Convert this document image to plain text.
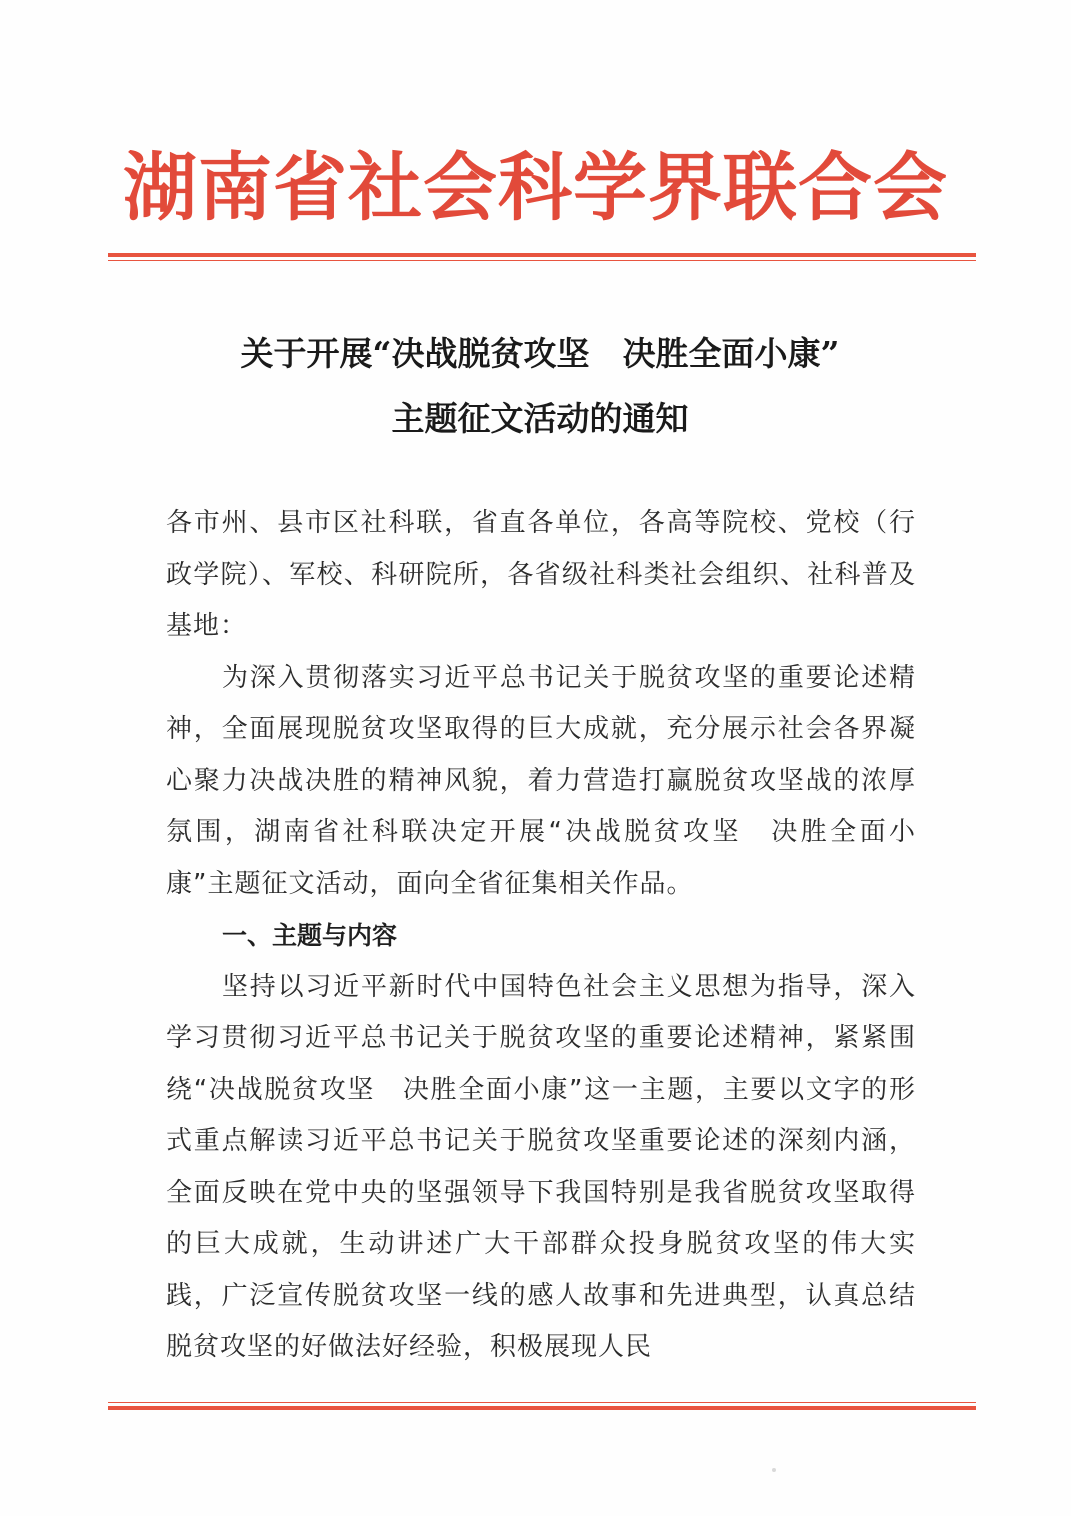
湖南省社会科学界联合会
关于开展“决战脱贫攻坚　决胜全面小康”
主题征文活动的通知

各市州、县市区社科联，省直各单位，各高等院校、党校（行政学院）、军校、科研院所，各省级社科类社会组织、社科普及基地：

为深入贯彻落实习近平总书记关于脱贫攻坚的重要论述精神，全面展现脱贫攻坚取得的巨大成就，充分展示社会各界凝心聚力决战决胜的精神风貌，着力营造打赢脱贫攻坚战的浓厚氛围，湖南省社科联决定开展“决战脱贫攻坚　决胜全面小康”主题征文活动，面向全省征集相关作品。

一、主题与内容

坚持以习近平新时代中国特色社会主义思想为指导，深入学习贯彻习近平总书记关于脱贫攻坚的重要论述精神，紧紧围绕“决战脱贫攻坚　决胜全面小康”这一主题，主要以文字的形式重点解读习近平总书记关于脱贫攻坚重要论述的深刻内涵，全面反映在党中央的坚强领导下我国特别是我省脱贫攻坚取得的巨大成就，生动讲述广大干部群众投身脱贫攻坚的伟大实践，广泛宣传脱贫攻坚一线的感人故事和先进典型，认真总结脱贫攻坚的好做法好经验，积极展现人民
